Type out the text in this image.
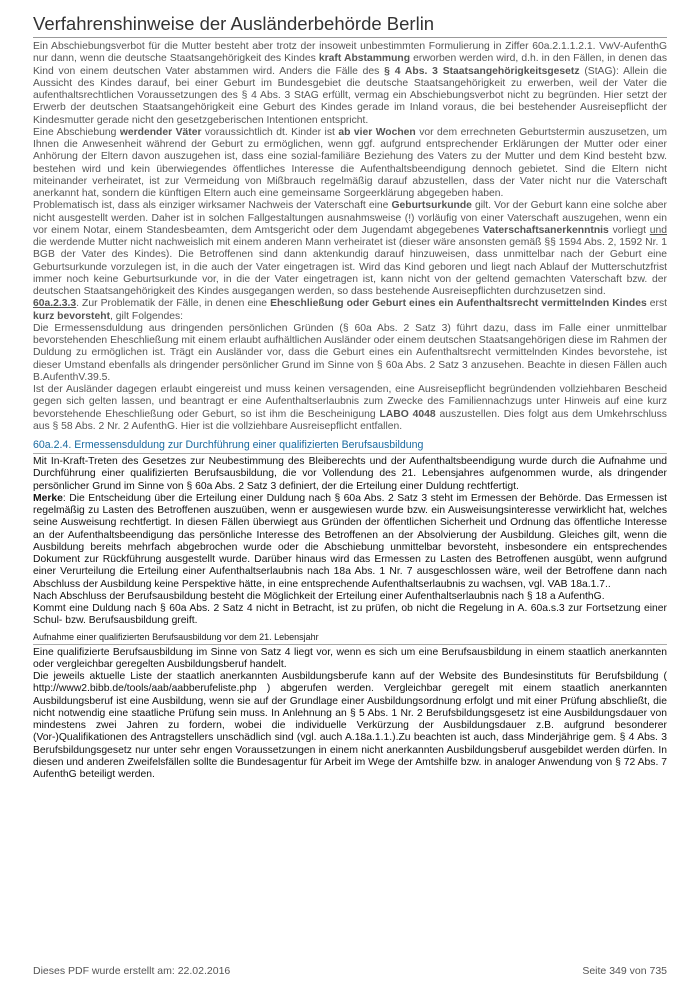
Verfahrenshinweise der Ausländerbehörde Berlin

Ein Abschiebungsverbot für die Mutter besteht aber trotz der insoweit unbestimmten Formulierung in Ziffer 60a.2.1.1.2.1. VwV-AufenthG nur dann, wenn die deutsche Staatsangehörigkeit des Kindes kraft Abstammung erworben werden wird, d.h. in den Fällen, in denen das Kind von einem deutschen Vater abstammen wird. Anders die Fälle des § 4 Abs. 3 Staatsangehörigkeitsgesetz (StAG): Allein die Aussicht des Kindes darauf, bei einer Geburt im Bundesgebiet die deutsche Staatsangehörigkeit zu erwerben, weil der Vater die aufenthaltsrechtlichen Voraussetzungen des § 4 Abs. 3 StAG erfüllt, vermag ein Abschiebungsverbot nicht zu begründen. Hier setzt der Erwerb der deutschen Staatsangehörigkeit eine Geburt des Kindes gerade im Inland voraus, die bei bestehender Ausreisepflicht der Kindesmutter gerade nicht den gesetzgeberischen Intentionen entspricht.

Eine Abschiebung werdender Väter voraussichtlich dt. Kinder ist ab vier Wochen vor dem errechneten Geburtstermin auszusetzen, um Ihnen die Anwesenheit während der Geburt zu ermöglichen, wenn ggf. aufgrund entsprechender Erklärungen der Mutter oder einer Anhörung der Eltern davon auszugehen ist, dass eine sozial-familiäre Beziehung des Vaters zu der Mutter und dem Kind besteht bzw. bestehen wird und kein überwiegendes öffentliches Interesse die Aufenthaltsbeendigung dennoch gebietet. Sind die Eltern nicht miteinander verheiratet, ist zur Vermeidung von Mißbrauch regelmäßig darauf abzustellen, dass der Vater nicht nur die Vaterschaft anerkannt hat, sondern die künftigen Eltern auch eine gemeinsame Sorgeerklärung abgegeben haben.

Problematisch ist, dass als einziger wirksamer Nachweis der Vaterschaft eine Geburtsurkunde gilt. Vor der Geburt kann eine solche aber nicht ausgestellt werden. Daher ist in solchen Fallgestaltungen ausnahmsweise (!) vorläufig von einer Vaterschaft auszugehen, wenn ein vor einem Notar, einem Standesbeamten, dem Amtsgericht oder dem Jugendamt abgegebenes Vaterschaftsanerkenntnis vorliegt und die werdende Mutter nicht nachweislich mit einem anderen Mann verheiratet ist (dieser wäre ansonsten gemäß §§ 1594 Abs. 2, 1592 Nr. 1 BGB der Vater des Kindes). Die Betroffenen sind dann aktenkundig darauf hinzuweisen, dass unmittelbar nach der Geburt eine Geburtsurkunde vorzulegen ist, in die auch der Vater eingetragen ist. Wird das Kind geboren und liegt nach Ablauf der Mutterschutzfrist immer noch keine Geburtsurkunde vor, in die der Vater eingetragen ist, kann nicht von der geltend gemachten Vaterschaft bzw. der deutschen Staatsangehörigkeit des Kindes ausgegangen werden, so dass bestehende Ausreisepflichten durchzusetzen sind.

60a.2.3.3. Zur Problematik der Fälle, in denen eine Eheschließung oder Geburt eines ein Aufenthaltsrecht vermittelnden Kindes erst kurz bevorsteht, gilt Folgendes:

Die Ermessensduldung aus dringenden persönlichen Gründen (§ 60a Abs. 2 Satz 3) führt dazu, dass im Falle einer unmittelbar bevorstehenden Eheschließung mit einem erlaubt aufhältlichen Ausländer oder einem deutschen Staatsangehörigen diese im Rahmen der Duldung zu ermöglichen ist. Trägt ein Ausländer vor, dass die Geburt eines ein Aufenthaltsrecht vermittelnden Kindes bevorstehe, ist dieser Umstand ebenfalls als dringender persönlicher Grund im Sinne von § 60a Abs. 2 Satz 3 anzusehen. Beachte in diesen Fällen auch B.AufenthV.39.5.

Ist der Ausländer dagegen erlaubt eingereist und muss keinen versagenden, eine Ausreisepflicht begründenden vollziehbaren Bescheid gegen sich gelten lassen, und beantragt er eine Aufenthaltserlaubnis zum Zwecke des Familiennachzugs unter Hinweis auf eine kurz bevorstehende Eheschließung oder Geburt, so ist ihm die Bescheinigung LABO 4048 auszustellen. Dies folgt aus dem Umkehrschluss aus § 58 Abs. 2 Nr. 2 AufenthG. Hier ist die vollziehbare Ausreisepflicht entfallen.

60a.2.4. Ermessensduldung zur Durchführung einer qualifizierten Berufsausbildung

Mit In-Kraft-Treten des Gesetzes zur Neubestimmung des Bleiberechts und der Aufenthaltsbeendigung wurde durch die Aufnahme und Durchführung einer qualifizierten Berufsausbildung, die vor Vollendung des 21. Lebensjahres aufgenommen wurde, als dringender persönlicher Grund im Sinne von § 60a Abs. 2 Satz 3 definiert, der die Erteilung einer Duldung rechtfertigt.

Merke: Die Entscheidung über die Erteilung einer Duldung nach § 60a Abs. 2 Satz 3 steht im Ermessen der Behörde. Das Ermessen ist regelmäßig zu Lasten des Betroffenen auszuüben, wenn er ausgewiesen wurde bzw. ein Ausweisungsinteresse verwirklicht hat, welches seine Ausweisung rechtfertigt. In diesen Fällen überwiegt aus Gründen der öffentlichen Sicherheit und Ordnung das öffentliche Interesse an der Aufenthaltsbeendigung das persönliche Interesse des Betroffenen an der Absolvierung der Ausbildung. Gleiches gilt, wenn die Ausbildung bereits mehrfach abgebrochen wurde oder die Abschiebung unmittelbar bevorsteht, insbesondere ein entsprechendes Dokument zur Rückführung ausgestellt wurde. Darüber hinaus wird das Ermessen zu Lasten des Betroffenen ausgübt, wenn aufgrund einer Verurteilung die Erteilung einer Aufenthaltserlaubnis nach 18a Abs. 1 Nr. 7 ausgeschlossen wäre, weil der Betroffene dann nach Abschluss der Ausbildung keine Perspektive hätte, in eine entsprechende Aufenthaltserlaubnis zu wachsen, vgl. VAB 18a.1.7..

Nach Abschluss der Berufsausbildung besteht die Möglichkeit der Erteilung einer Aufenthaltserlaubnis nach § 18 a AufenthG.

Kommt eine Duldung nach § 60a Abs. 2 Satz 4 nicht in Betracht, ist zu prüfen, ob nicht die Regelung in A. 60a.s.3 zur Fortsetzung einer Schul- bzw. Berufsausbildung greift.

Aufnahme einer qualifizierten Berufsausbildung vor dem 21. Lebensjahr

Eine qualifizierte Berufsausbildung im Sinne von Satz 4 liegt vor, wenn es sich um eine Berufsausbildung in einem staatlich anerkannten oder vergleichbar geregelten Ausbildungsberuf handelt.

Die jeweils aktuelle Liste der staatlich anerkannten Ausbildungsberufe kann auf der Website des Bundesinstituts für Berufsbildung ( http://www2.bibb.de/tools/aab/aabberufeliste.php ) abgerufen werden. Vergleichbar geregelt mit einem staatlich anerkannten Ausbildungsberuf ist eine Ausbildung, wenn sie auf der Grundlage einer Ausbildungsordnung erfolgt und mit einer Prüfung abschließt, die nicht notwendig eine staatliche Prüfung sein muss. In Anlehnung an § 5 Abs. 1 Nr. 2 Berufsbildungsgesetz ist eine Ausbildungsdauer von mindestens zwei Jahren zu fordern, wobei die individuelle Verkürzung der Ausbildungsdauer z.B. aufgrund besonderer (Vor-)Qualifikationen des Antragstellers unschädlich sind (vgl. auch A.18a.1.1.).Zu beachten ist auch, dass Minderjährige gem. § 4 Abs. 3 Berufsbildungsgesetz nur unter sehr engen Voraussetzungen in einem nicht anerkannten Ausbildungsberuf ausgebildet werden dürfen. In diesen und anderen Zweifelsfällen sollte die Bundesagentur für Arbeit im Wege der Amtshilfe bzw. in analoger Anwendung von § 72 Abs. 7 AufenthG beteiligt werden.

Dieses PDF wurde erstellt am: 22.02.2016	Seite 349 von 735
